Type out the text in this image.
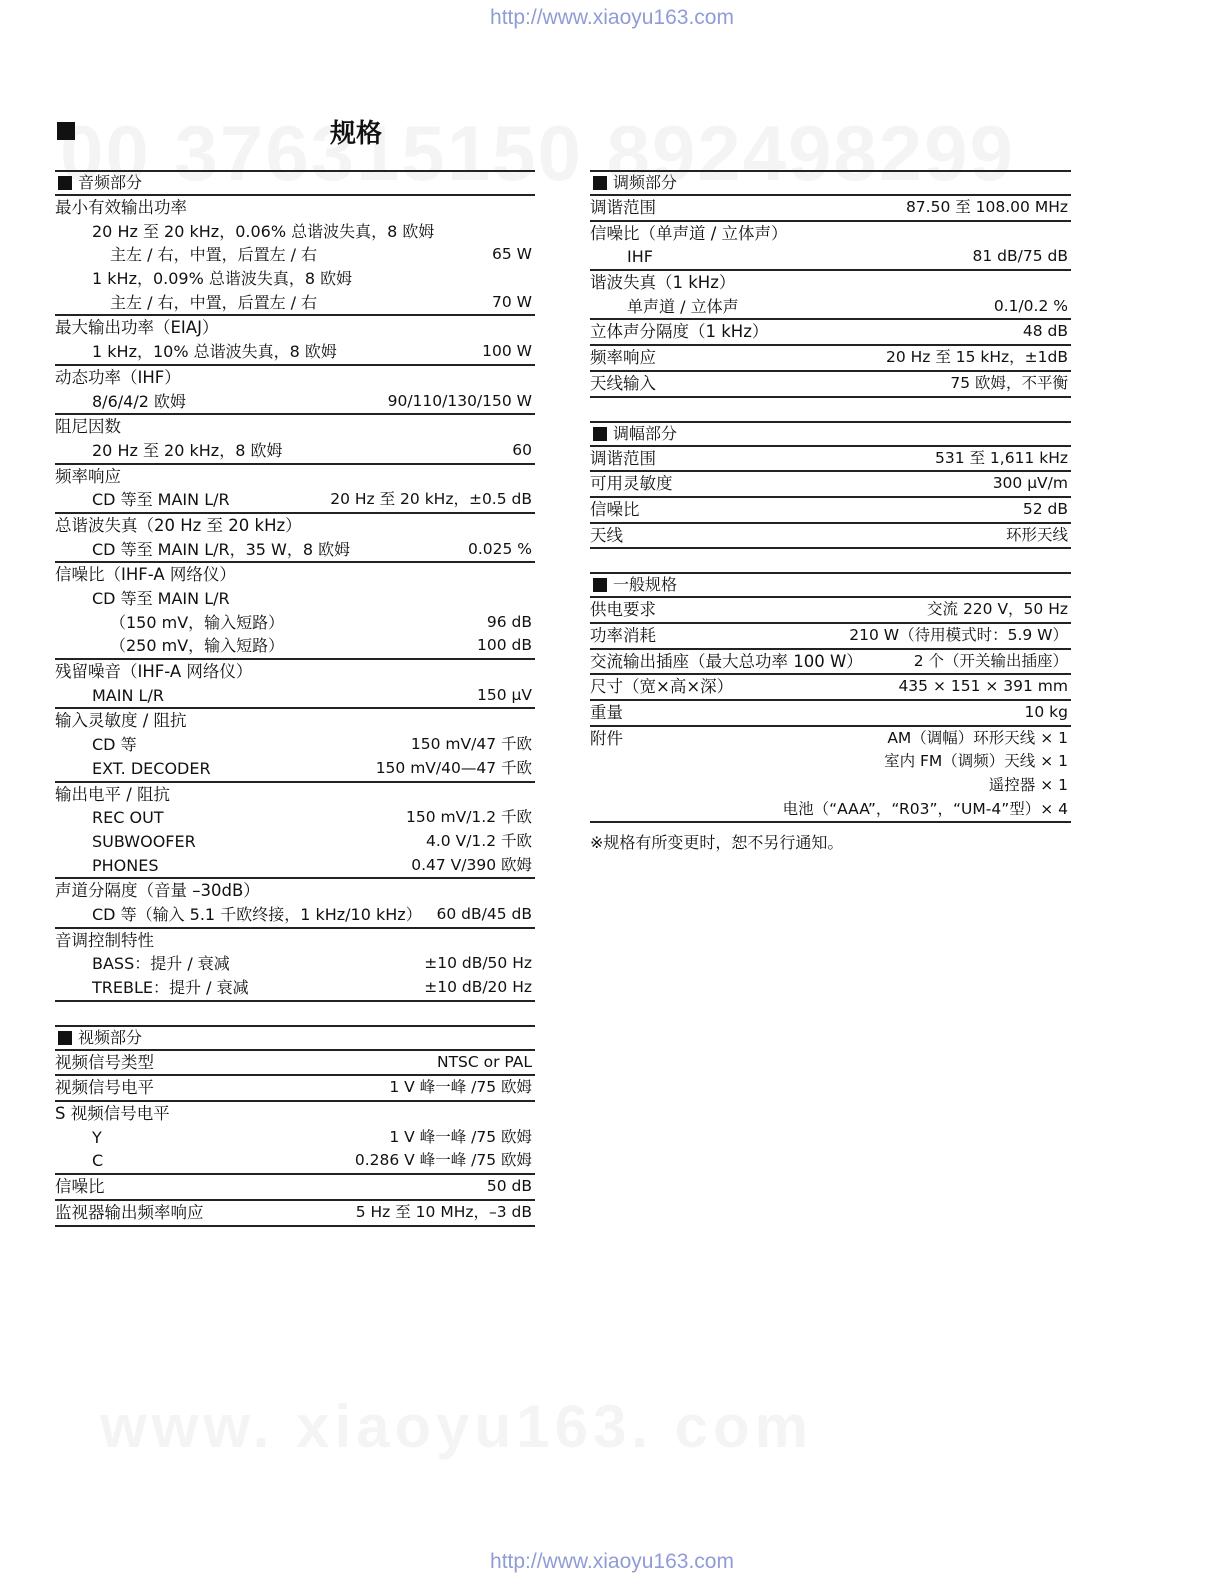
http://www.xiaoyu163.com
规格
音频部分
最小有效输出功率
20 Hz 至 20 kHz，0.06% 总谐波失真，8 欧姆
主左 / 右，中置，后置左 / 右	65 W
1 kHz，0.09% 总谐波失真，8 欧姆
主左 / 右，中置，后置左 / 右	70 W
最大输出功率（EIAJ）
1 kHz，10% 总谐波失真，8 欧姆	100 W
动态功率（IHF）
8/6/4/2 欧姆	90/110/130/150 W
阻尼因数
20 Hz 至 20 kHz，8 欧姆	60
频率响应
CD 等至 MAIN L/R	20 Hz 至 20 kHz，±0.5 dB
总谐波失真（20 Hz 至 20 kHz）
CD 等至 MAIN L/R，35 W，8 欧姆	0.025 %
信噪比（IHF-A 网络仪）
CD 等至 MAIN L/R
（150 mV，输入短路）	96 dB
（250 mV，输入短路）	100 dB
残留噪音（IHF-A 网络仪）
MAIN L/R	150 µV
输入灵敏度 / 阻抗
CD 等	150 mV/47 千欧
EXT. DECODER	150 mV/40—47 千欧
输出电平 / 阻抗
REC OUT	150 mV/1.2 千欧
SUBWOOFER	4.0 V/1.2 千欧
PHONES	0.47 V/390 欧姆
声道分隔度（音量 –30dB）
CD 等（输入 5.1 千欧终接，1 kHz/10 kHz） 60 dB/45 dB
音调控制特性
BASS：提升 / 衰减	±10 dB/50 Hz
TREBLE：提升 / 衰减	±10 dB/20 Hz
视频部分
视频信号类型	NTSC or PAL
视频信号电平	1 V 峰一峰 /75 欧姆
S 视频信号电平
Y	1 V 峰一峰 /75 欧姆
C	0.286 V 峰一峰 /75 欧姆
信噪比	50 dB
监视器输出频率响应	5 Hz 至 10 MHz，–3 dB
调频部分
调谐范围	87.50 至 108.00 MHz
信噪比（单声道 / 立体声）
IHF	81 dB/75 dB
谐波失真（1 kHz）
单声道 / 立体声	0.1/0.2 %
立体声分隔度（1 kHz）	48 dB
频率响应	20 Hz 至 15 kHz，±1dB
天线输入	75 欧姆，不平衡
调幅部分
调谐范围	531 至 1,611 kHz
可用灵敏度	300 µV/m
信噪比	52 dB
天线	环形天线
一般规格
供电要求	交流 220 V，50 Hz
功率消耗	210 W（待用模式时：5.9 W）
交流输出插座（最大总功率 100 W）	2 个（开关输出插座）
尺寸（宽×高×深）	435 × 151 × 391 mm
重量	10 kg
附件	AM（调幅）环形天线 × 1
室内 FM（调频）天线 × 1
遥控器 × 1
电池（“AAA”，“R03”，“UM-4”型）× 4
※规格有所变更时，恕不另行通知。
http://www.xiaoyu163.com
